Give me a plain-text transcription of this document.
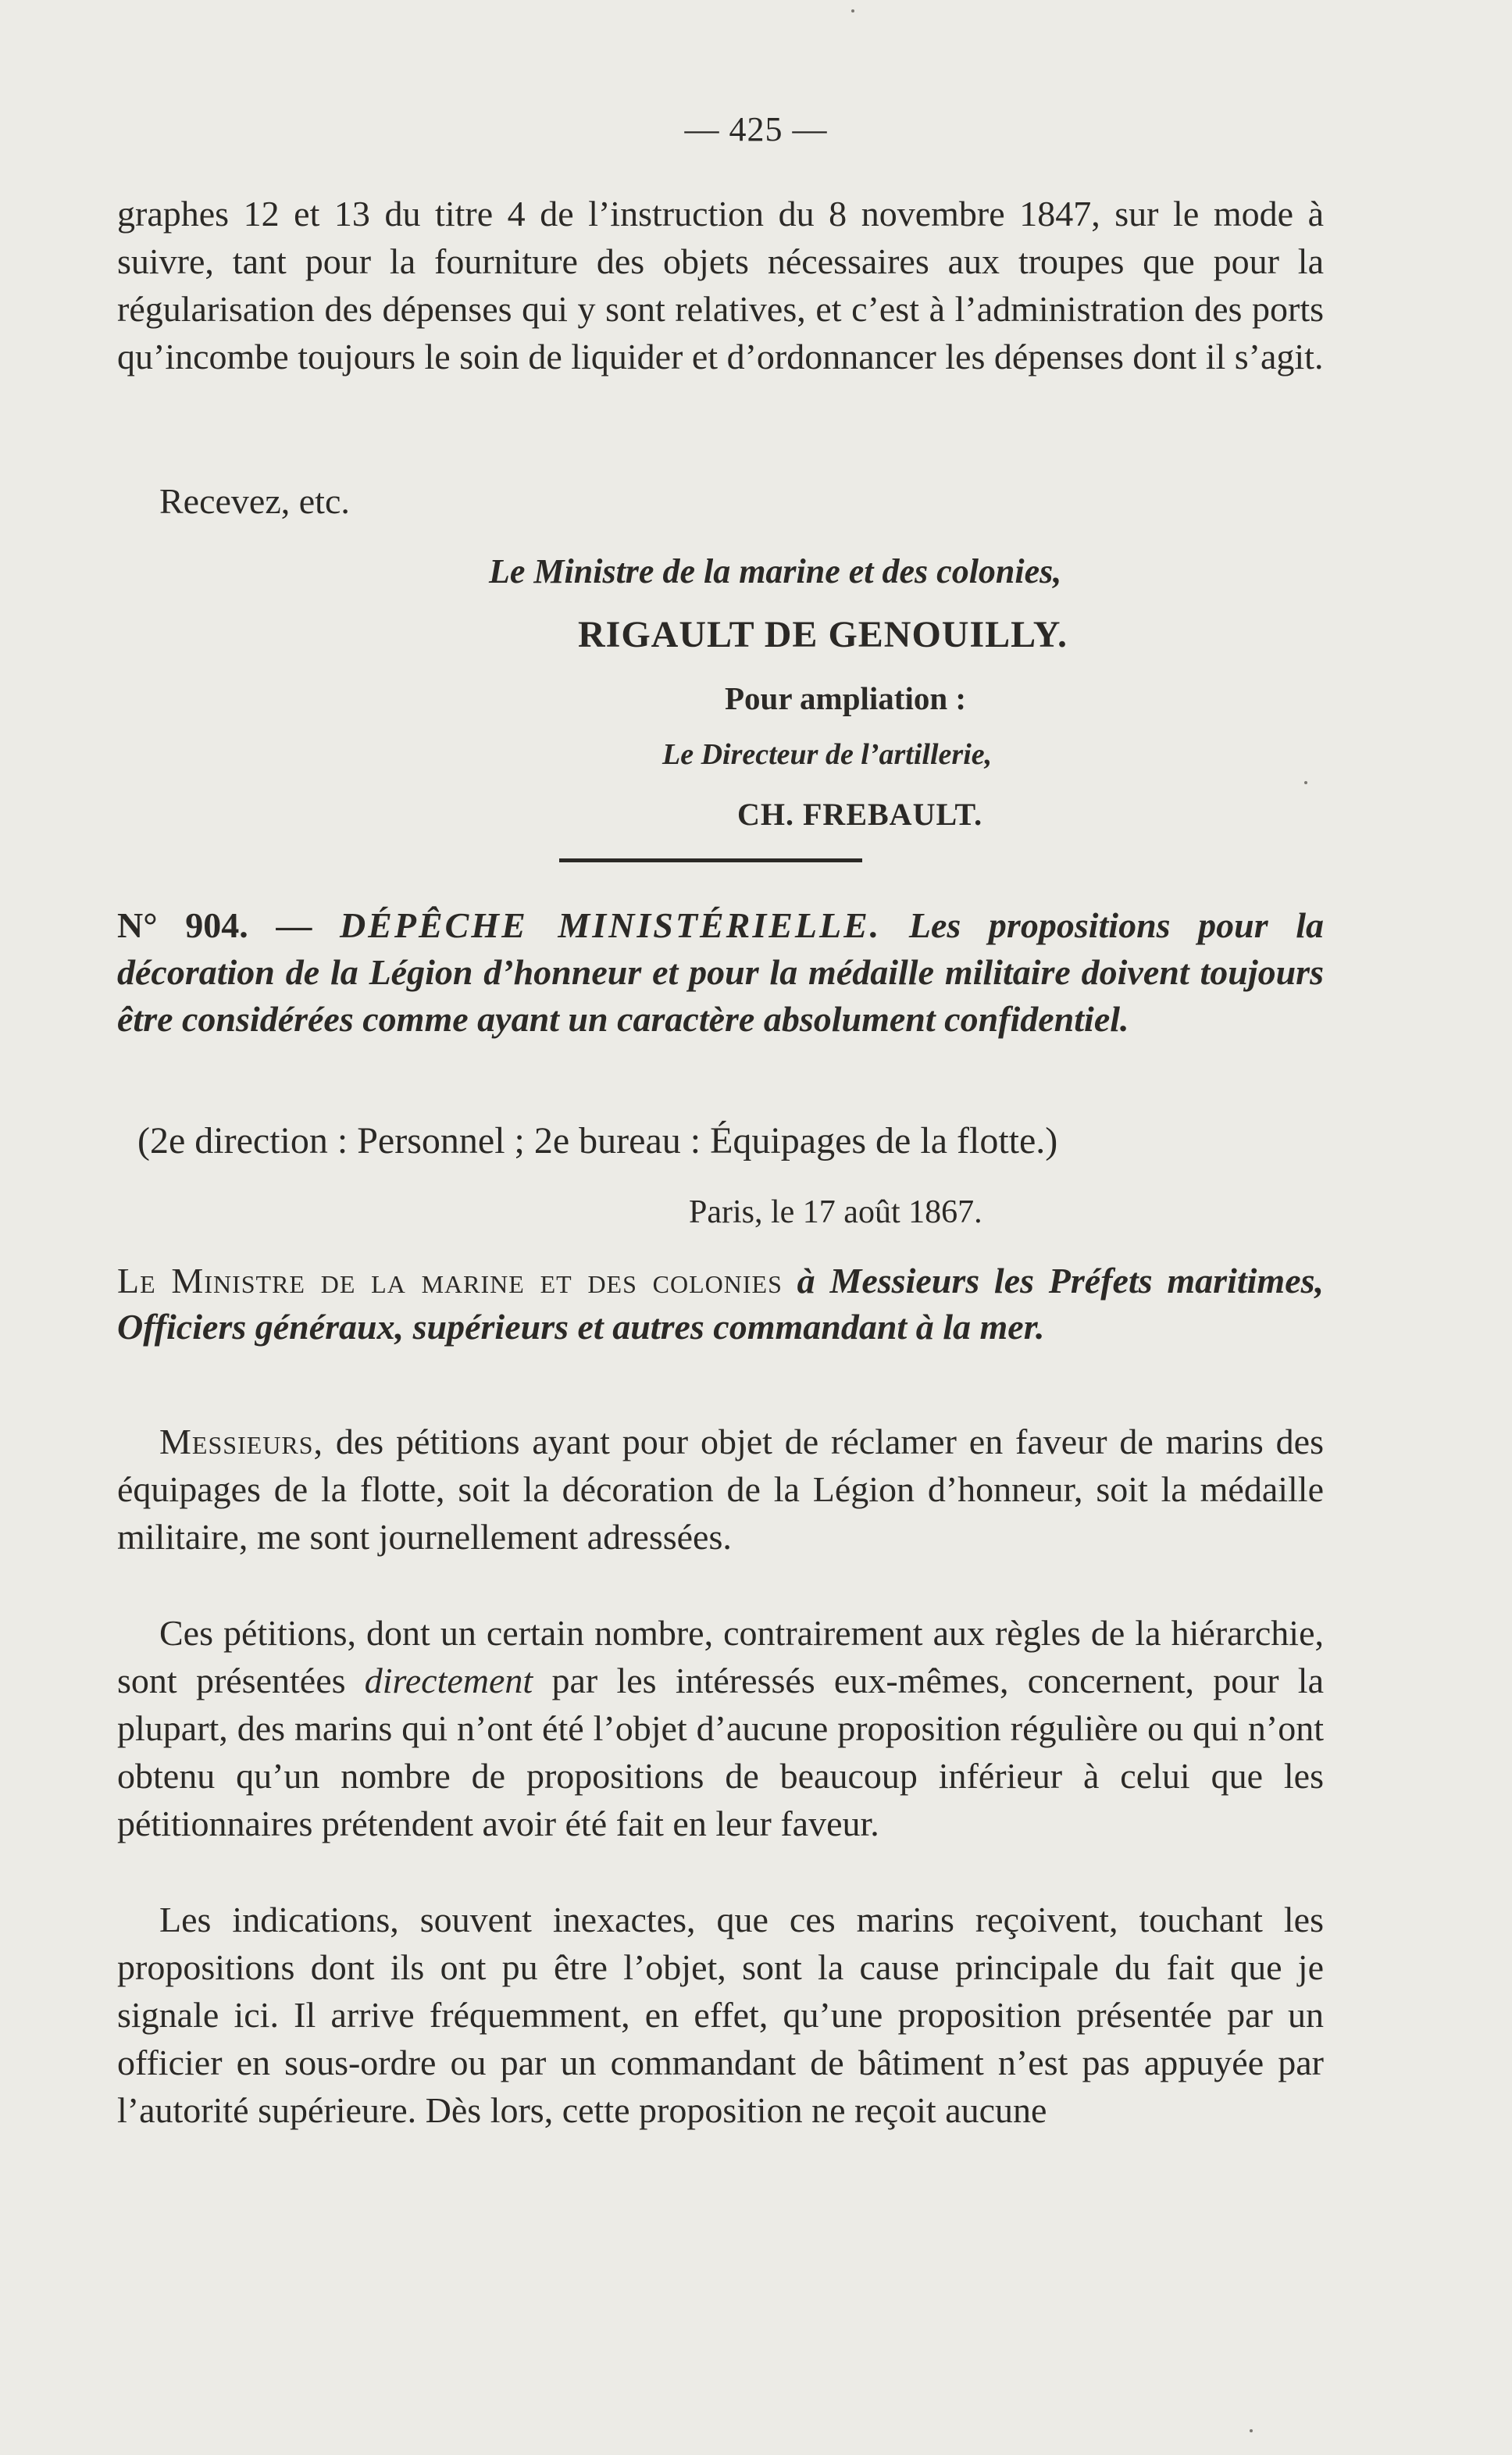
— 425 —
graphes 12 et 13 du titre 4 de l’instruction du 8 novembre 1847, sur le mode à suivre, tant pour la fourniture des objets nécessaires aux troupes que pour la régularisation des dépenses qui y sont relatives, et c’est à l’administration des ports qu’incombe toujours le soin de liquider et d’ordonnancer les dépenses dont il s’agit.
Recevez, etc.
Le Ministre de la marine et des colonies,
RIGAULT DE GENOUILLY.
Pour ampliation :
Le Directeur de l’artillerie,
CH. FREBAULT.
N° 904. — DÉPÊCHE MINISTÉRIELLE. Les propositions pour la décoration de la Légion d’honneur et pour la médaille militaire doivent toujours être considérées comme ayant un caractère absolument confidentiel.
(2e direction : Personnel ; 2e bureau : Équipages de la flotte.)
Paris, le 17 août 1867.
Le Ministre de la marine et des colonies à Messieurs les Préfets maritimes, Officiers généraux, supérieurs et autres commandant à la mer.
Messieurs, des pétitions ayant pour objet de réclamer en faveur de marins des équipages de la flotte, soit la décoration de la Légion d’honneur, soit la médaille militaire, me sont journellement adressées.
Ces pétitions, dont un certain nombre, contrairement aux règles de la hiérarchie, sont présentées directement par les intéressés eux-mêmes, concernent, pour la plupart, des marins qui n’ont été l’objet d’aucune proposition régulière ou qui n’ont obtenu qu’un nombre de propositions de beaucoup inférieur à celui que les pétitionnaires prétendent avoir été fait en leur faveur.
Les indications, souvent inexactes, que ces marins reçoivent, touchant les propositions dont ils ont pu être l’objet, sont la cause principale du fait que je signale ici. Il arrive fréquemment, en effet, qu’une proposition présentée par un officier en sous-ordre ou par un commandant de bâtiment n’est pas appuyée par l’autorité supérieure. Dès lors, cette proposition ne reçoit aucune
